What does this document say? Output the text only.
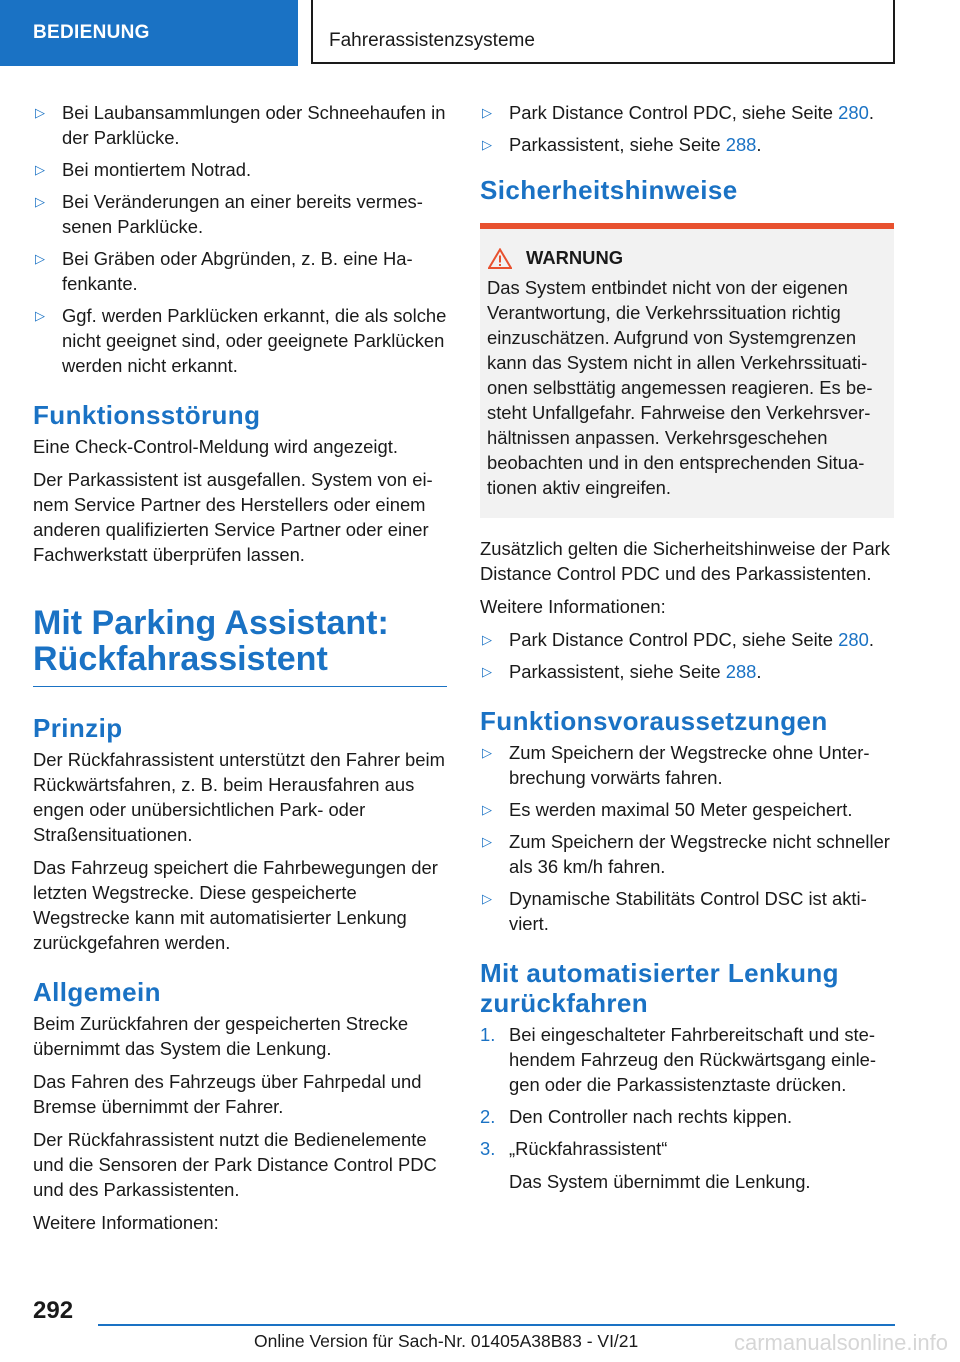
BEDIENUNG	Fahrerassistenzsysteme
▷ Bei Laubansammlungen oder Schneehaufen in der Parklücke.
▷ Bei montiertem Notrad.
▷ Bei Veränderungen an einer bereits vermessenen Parklücke.
▷ Bei Gräben oder Abgründen, z. B. eine Hafenkante.
▷ Ggf. werden Parklücken erkannt, die als solche nicht geeignet sind, oder geeignete Parklücken werden nicht erkannt.
Funktionsstörung

Eine Check-Control-Meldung wird angezeigt.

Der Parkassistent ist ausgefallen. System von einem Service Partner des Herstellers oder einem anderen qualifizierten Service Partner oder einer Fachwerkstatt überprüfen lassen.

Mit Parking Assistant:
Rückfahrassistent
Prinzip

Der Rückfahrassistent unterstützt den Fahrer beim Rückwärtsfahren, z. B. beim Herausfahren aus engen oder unübersichtlichen Park- oder Straßensituationen.

Das Fahrzeug speichert die Fahrbewegungen der letzten Wegstrecke. Diese gespeicherte Wegstrecke kann mit automatisierter Lenkung zurückgefahren werden.

Allgemein

Beim Zurückfahren der gespeicherten Strecke übernimmt das System die Lenkung.

Das Fahren des Fahrzeugs über Fahrpedal und Bremse übernimmt der Fahrer.

Der Rückfahrassistent nutzt die Bedienelemente und die Sensoren der Park Distance Control PDC und des Parkassistenten.

Weitere Informationen:

▷ Park Distance Control PDC, siehe Seite 280.
▷ Parkassistent, siehe Seite 288.
Sicherheitshinweise
WARNUNG
Das System entbindet nicht von der eigenen Verantwortung, die Verkehrssituation richtig einzuschätzen. Aufgrund von Systemgrenzen kann das System nicht in allen Verkehrssituationen selbsttätig angemessen reagieren. Es besteht Unfallgefahr. Fahrweise den Verkehrsverhältnissen anpassen. Verkehrsgeschehen beobachten und in den entsprechenden Situationen aktiv eingreifen.

Zusätzlich gelten die Sicherheitshinweise der Park Distance Control PDC und des Parkassistenten.

Weitere Informationen:

▷ Park Distance Control PDC, siehe Seite 280.
▷ Parkassistent, siehe Seite 288.
Funktionsvoraussetzungen
▷ Zum Speichern der Wegstrecke ohne Unterbrechung vorwärts fahren.
▷ Es werden maximal 50 Meter gespeichert.
▷ Zum Speichern der Wegstrecke nicht schneller als 36 km/h fahren.
▷ Dynamische Stabilitäts Control DSC ist aktiviert.
Mit automatisierter Lenkung
zurückfahren
1. Bei eingeschalteter Fahrbereitschaft und stehendem Fahrzeug den Rückwärtsgang einlegen oder die Parkassistenztaste drücken.
2. Den Controller nach rechts kippen.
3. „Rückfahrassistent“

Das System übernimmt die Lenkung.

292
Online Version für Sach-Nr. 01405A38B83 - VI/21	carmanualsonline.info
